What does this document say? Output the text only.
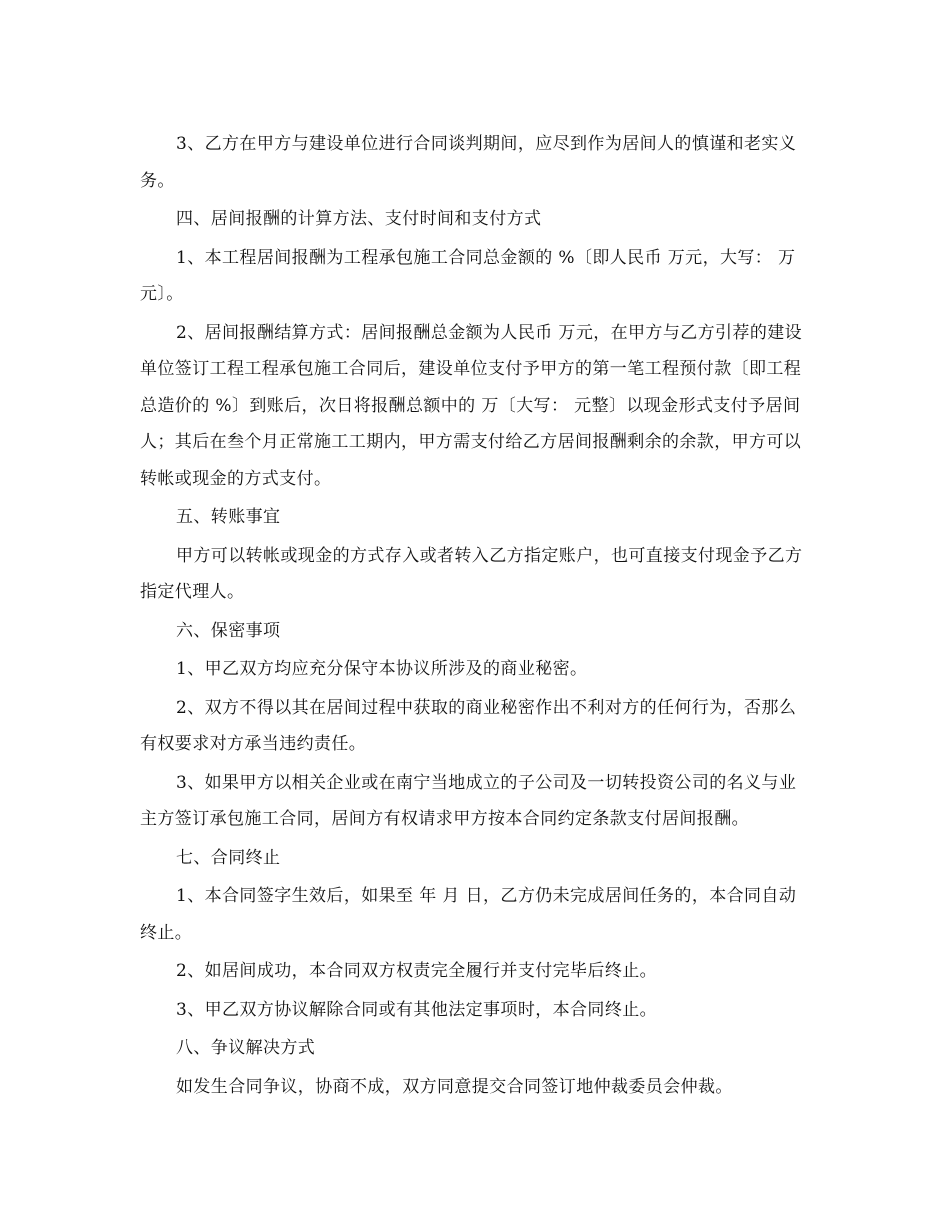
3、乙方在甲方与建设单位进行合同谈判期间，应尽到作为居间人的慎谨和老实义务。

四、居间报酬的计算方法、支付时间和支付方式

1、本工程居间报酬为工程承包施工合同总金额的 %〔即人民币 万元，大写： 万元〕。

2、居间报酬结算方式：居间报酬总金额为人民币 万元，在甲方与乙方引荐的建设单位签订工程工程承包施工合同后，建设单位支付予甲方的第一笔工程预付款〔即工程总造价的 %〕到账后，次日将报酬总额中的 万〔大写： 元整〕以现金形式支付予居间人；其后在叁个月正常施工工期内，甲方需支付给乙方居间报酬剩余的余款，甲方可以转帐或现金的方式支付。

五、转账事宜

甲方可以转帐或现金的方式存入或者转入乙方指定账户，也可直接支付现金予乙方指定代理人。

六、保密事项

1、甲乙双方均应充分保守本协议所涉及的商业秘密。

2、双方不得以其在居间过程中获取的商业秘密作出不利对方的任何行为，否那么有权要求对方承当违约责任。

3、如果甲方以相关企业或在南宁当地成立的子公司及一切转投资公司的名义与业主方签订承包施工合同，居间方有权请求甲方按本合同约定条款支付居间报酬。

七、合同终止

1、本合同签字生效后，如果至 年 月 日，乙方仍未完成居间任务的，本合同自动终止。

2、如居间成功，本合同双方权责完全履行并支付完毕后终止。

3、甲乙双方协议解除合同或有其他法定事项时，本合同终止。

八、争议解决方式

如发生合同争议，协商不成，双方同意提交合同签订地仲裁委员会仲裁。
